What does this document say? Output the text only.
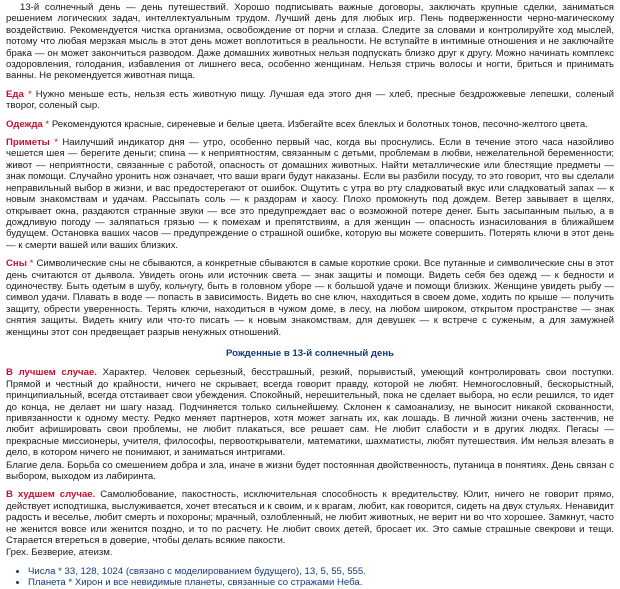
13-й солнечный день — день путешествий. Хорошо подписывать важные договоры, заключать крупные сделки, заниматься решением логических задач, интеллектуальным трудом. Лучший день для любых игр. Пень подверженности черно-магическому воздействию. Рекомендуется чистка организма, освобождение от порчи и сглаза. Следите за словами и контролируйте ход мыслей, потому что любая мерзкая мысль в этот день может воплотиться в реальности. Не вступайте в интимные отношения и не заключайте брака — он может закончиться разводом. Даже домашних животных нельзя подпускать близко друг к другу. Можно начинать комплекс оздоровления, голодания, избавления от лишнего веса, особенно женщинам. Нельзя стричь волосы и ногти, бриться и принимать ванны. Не рекомендуется животная пища.

Еда * Нужно меньше есть, нельзя есть животную пищу. Лучшая еда этого дня — хлеб, пресные бездрожжевые лепешки, соленый творог, соленый сыр.

Одежда * Рекомендуются красные, сиреневые и белые цвета. Избегайте всех блеклых и болотных тонов, песочно-желтого цвета.

Приметы * Наилучший индикатор дня — утро, особенно первый час, когда вы проснулись. Если в течение этого часа назойливо чешется шея — берегите деньги; спина — к неприятностям, связанным с детьми, проблемам в любви, нежелательной беременности; живот — неприятности, связанные с работой, опасность от домашних животных. Найти металлические или блестящие предметы — знак помощи. Случайно уронить нож означает, что ваши враги будут наказаны. Если вы разбили посуду, то это говорит, что вы сделали неправильный выбор в жизни, и вас предостерегают от ошибок. Ощутить с утра во рту сладковатый вкус или сладковатый запах — к новым знакомствам и удачам. Рассыпать соль — к раздорам и хаосу. Плохо промокнуть под дождем. Ветер завывает в щелях, открывает окна, раздаются странные звуки — все это предупреждает вас о возможной потере денег. Быть засыпанным пылью, а в дождливую погоду — заляпаться грязью — к помехам и препятствиям, а для женщин — опасность изнасилования в ближайшем будущем. Остановка ваших часов — предупреждение о страшной ошибке, которую вы можете совершить. Потерять ключи в этот день — к смерти вашей или ваших близких.

Сны * Символические сны не сбываются, а конкретные сбываются в самые короткие сроки. Все путанные и символические сны в этот день считаются от дьявола. Увидеть огонь или источник света — знак защиты и помощи. Видеть себя без одежд — к бедности и одиночеству. Быть одетым в шубу, кольчугу, быть в головном уборе — к большой удаче и помощи близких. Женщине увидеть рыбу — символ удачи. Плавать в воде — попасть в зависимость. Видеть во сне ключ, находиться в своем доме, ходить по крыше — получить защиту, обрести уверенность. Терять ключи, находиться в чужом доме, в лесу, на любом широком, открытом пространстве — знак снятия защиты. Видеть книгу или что-то писать — к новым знакомствам, для девушек — к встрече с суженым, а для замужней женщины этот сон предвещает разрыв ненужных отношений.

Рожденные в 13-й солнечный день

В лучшем случае. Характер. Человек серьезный, бесстрашный, резкий, порывистый, умеющий контролировать свои поступки. Прямой и честный до крайности, ничего не скрывает, всегда говорит правду, которой не любят. Немногословный, бескорыстный, принципиальный, всегда отстаивает свои убеждения. Спокойный, нерешительный, пока не сделает выбора, но если решился, то идет до конца, не делает ни шагу назад. Подчиняется только сильнейшему. Склонен к самоанализу, не выносит никакой скованности, привязанности к одному месту. Редко меняет партнеров, хотя может загнать их, как лошадь. В личной жизни очень застенчив, не любит афишировать свои проблемы, не любит плакаться, все решает сам. Не любит слабости и в других людях. Пегасы — прекрасные мисcионеры, учителя, философы, первооткрыватели, математики, шахматисты, любят путешествия. Им нельзя влезать в дело, в котором ничего не понимают, и заниматься интригами.

Благие дела. Борьба со смешением добра и зла, иначе в жизни будет постоянная двойственность, путаница в понятиях. День связан с выбором, выходом из лабиринта.

В худшем случае. Самолюбование, пакостность, исключительная способность к вредительству. Юлит, ничего не говорит прямо, действует исподтишка, выслуживается, хочет втесаться и к своим, и к врагам, любит, как говорится, сидеть на двух стульях. Ненавидит радость и веселье, любит смерть и похороны; мрачный, озлобленный, не любит животных, не верит ни во что хорошее. Замкнут, часто не женится вовсе или женится поздно, и то по расчету. Не любит своих детей, бросает их. Это самые страшные свекрови и тещи. Старается втереться в доверие, чтобы делать всякие пакости.

Грех. Безверие, атеизм.

• Числа * 33, 128, 1024 (связано с моделированием будущего), 13, 5, 55, 555.
• Планета * Хирон и все невидимые планеты, связанные со стражами Неба.
